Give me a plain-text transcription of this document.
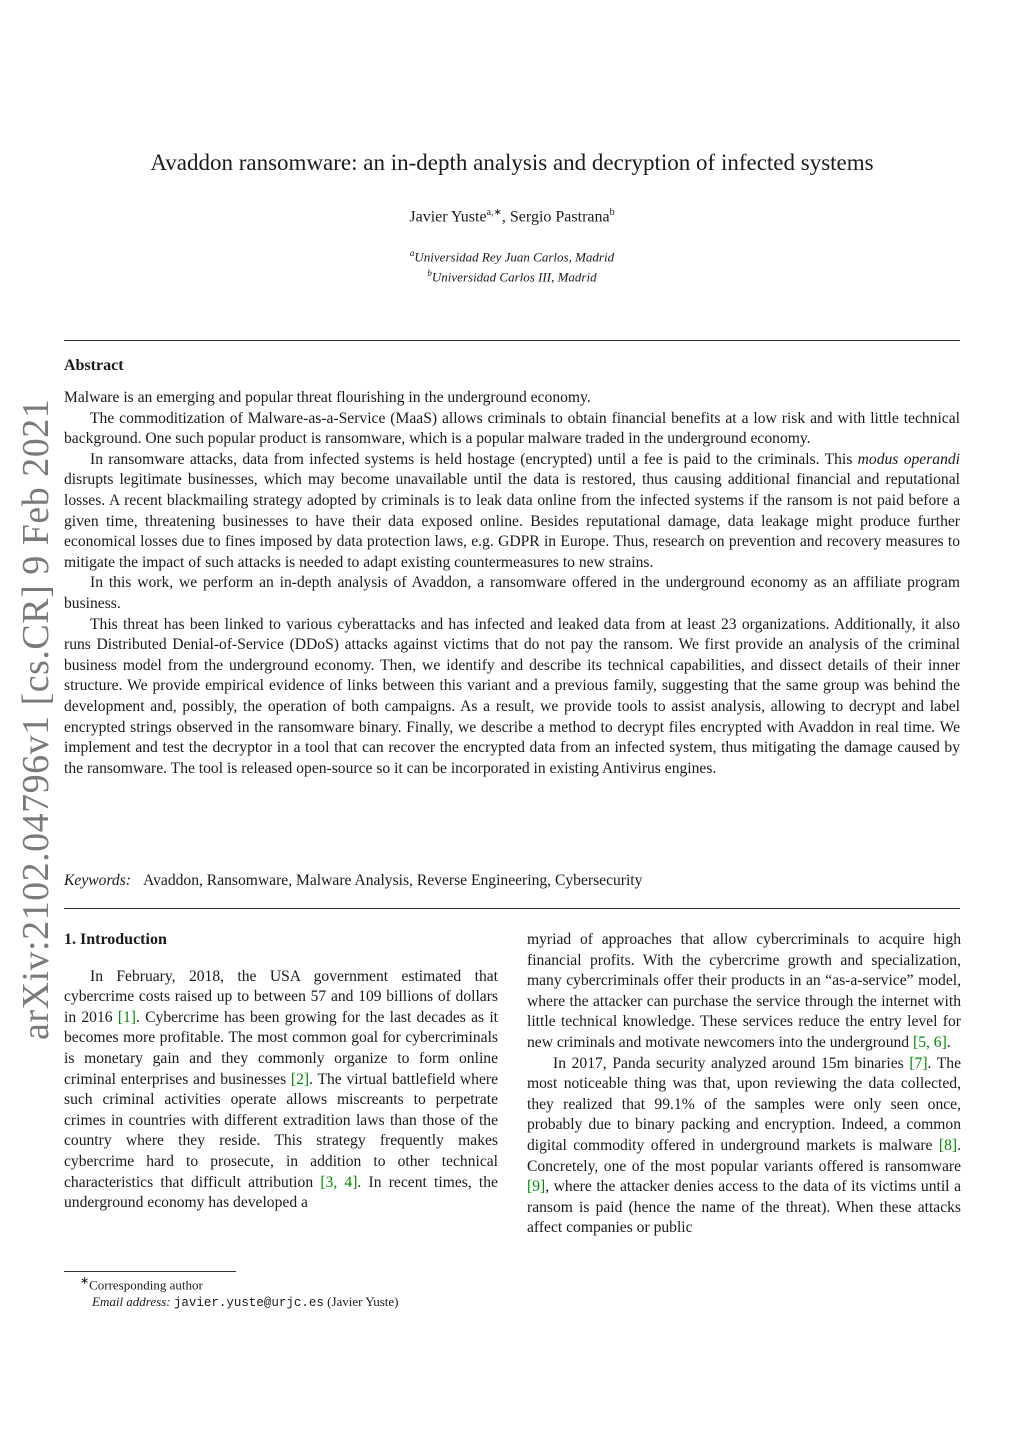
arXiv:2102.04796v1 [cs.CR] 9 Feb 2021
Avaddon ransomware: an in-depth analysis and decryption of infected systems
Javier Yuste$^{a,∗}$, Sergio Pastrana$^b$
$^a$Universidad Rey Juan Carlos, Madrid
$^b$Universidad Carlos III, Madrid
Abstract

Malware is an emerging and popular threat flourishing in the underground economy.

The commoditization of Malware-as-a-Service (MaaS) allows criminals to obtain financial benefits at a low risk and with little technical background. One such popular product is ransomware, which is a popular malware traded in the underground economy.

In ransomware attacks, data from infected systems is held hostage (encrypted) until a fee is paid to the criminals. This modus operandi disrupts legitimate businesses, which may become unavailable until the data is restored, thus causing additional financial and reputational losses. A recent blackmailing strategy adopted by criminals is to leak data online from the infected systems if the ransom is not paid before a given time, threatening businesses to have their data exposed online. Besides reputational damage, data leakage might produce further economical losses due to fines imposed by data protection laws, e.g. GDPR in Europe. Thus, research on prevention and recovery measures to mitigate the impact of such attacks is needed to adapt existing countermeasures to new strains.

In this work, we perform an in-depth analysis of Avaddon, a ransomware offered in the underground economy as an affiliate program business.

This threat has been linked to various cyberattacks and has infected and leaked data from at least 23 organizations. Additionally, it also runs Distributed Denial-of-Service (DDoS) attacks against victims that do not pay the ransom. We first provide an analysis of the criminal business model from the underground economy. Then, we identify and describe its technical capabilities, and dissect details of their inner structure. We provide empirical evidence of links between this variant and a previous family, suggesting that the same group was behind the development and, possibly, the operation of both campaigns. As a result, we provide tools to assist analysis, allowing to decrypt and label encrypted strings observed in the ransomware binary. Finally, we describe a method to decrypt files encrypted with Avaddon in real time. We implement and test the decryptor in a tool that can recover the encrypted data from an infected system, thus mitigating the damage caused by the ransomware. The tool is released open-source so it can be incorporated in existing Antivirus engines.

Keywords: Avaddon, Ransomware, Malware Analysis, Reverse Engineering, Cybersecurity
1. Introduction

In February, 2018, the USA government estimated that cybercrime costs raised up to between 57 and 109 billions of dollars in 2016 [1]. Cybercrime has been growing for the last decades as it becomes more profitable. The most common goal for cybercriminals is monetary gain and they commonly organize to form online criminal enterprises and businesses [2]. The virtual battlefield where such criminal activities operate allows miscreants to perpetrate crimes in countries with different extradition laws than those of the country where they reside. This strategy frequently makes cybercrime hard to prosecute, in addition to other technical characteristics that difficult attribution [3, 4]. In recent times, the underground economy has developed a

myriad of approaches that allow cybercriminals to acquire high financial profits. With the cybercrime growth and specialization, many cybercriminals offer their products in an “as-a-service” model, where the attacker can purchase the service through the internet with little technical knowledge. These services reduce the entry level for new criminals and motivate newcomers into the underground [5, 6].

In 2017, Panda security analyzed around 15m binaries [7]. The most noticeable thing was that, upon reviewing the data collected, they realized that 99.1% of the samples were only seen once, probably due to binary packing and encryption. Indeed, a common digital commodity offered in underground markets is malware [8]. Concretely, one of the most popular variants offered is ransomware [9], where the attacker denies access to the data of its victims until a ransom is paid (hence the name of the threat). When these attacks affect companies or public

∗Corresponding author
Email address: javier.yuste@urjc.es (Javier Yuste)
